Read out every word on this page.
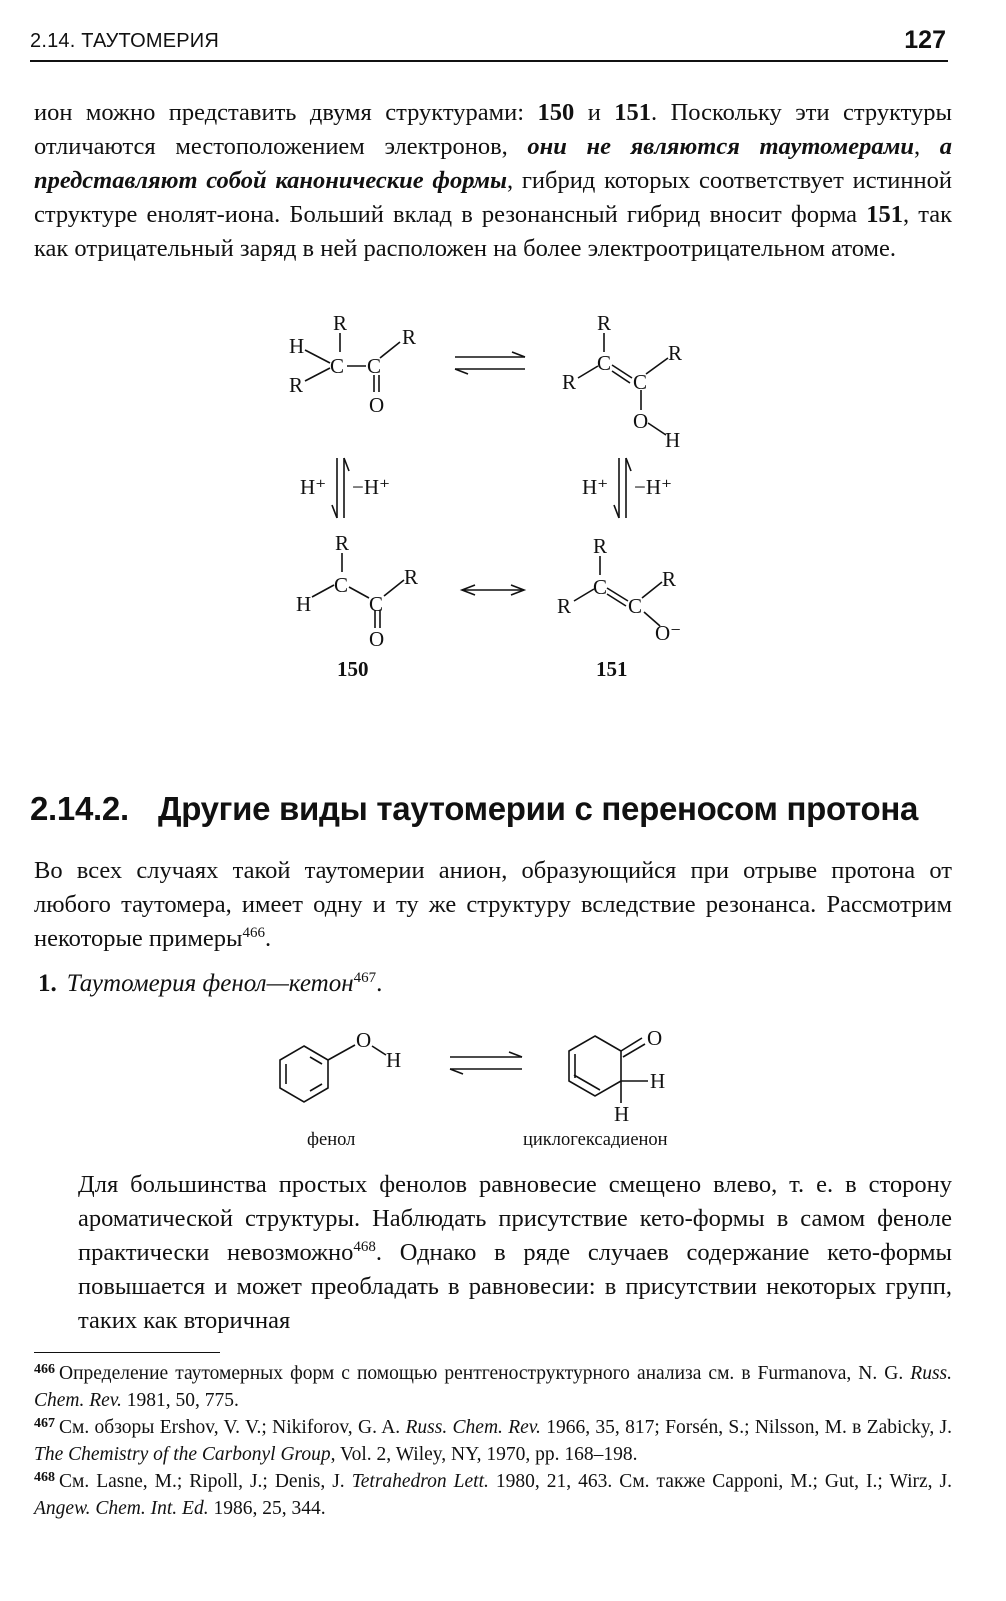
2.14. ТАУТОМЕРИЯ	127
ион можно представить двумя структурами: 150 и 151. Поскольку эти структуры отличаются местоположением электронов, они не являются таутомерами, а представляют собой канонические формы, гибрид которых соответствует истинной структуре енолят-иона. Больший вклад в резонансный гибрид вносит форма 151, так как отрицательный заряд в ней расположен на более электроотрицательном атоме.
R
H
C C
R
R
O
R
C
R	C
R
O
H
H⁺ −H⁺	H⁺ −H⁺
R
C
H	C
R
O
R
C
R	C
R
O⁻
150	151
2.14.2. Другие виды таутомерии с переносом протона
Во всех случаях такой таутомерии анион, образующийся при отрыве протона от любого таутомера, имеет одну и ту же структуру вследствие резонанса. Рассмотрим некоторые примеры$^{466}$.
1. Таутомерия фенол—кетон$^{467}$.
O
H
O
H
H
фенол	циклогексадиенон
Для большинства простых фенолов равновесие смещено влево, т. е. в сторону ароматической структуры. Наблюдать присутствие кето-формы в самом феноле практически невозможно$^{468}$. Однако в ряде случаев содержание кето-формы повышается и может преобладать в равновесии: в присутствии некоторых групп, таких как вторичная

$^{466}$ Определение таутомерных форм с помощью рентгеноструктурного анализа см. в Furmanova, N. G. Russ. Chem. Rev. 1981, 50, 775.

$^{467}$ См. обзоры Ershov, V. V.; Nikiforov, G. A. Russ. Chem. Rev. 1966, 35, 817; Forsén, S.; Nilsson, M. в Zabicky, J. The Chemistry of the Carbonyl Group, Vol. 2, Wiley, NY, 1970, pp. 168–198.

$^{468}$ См. Lasne, M.; Ripoll, J.; Denis, J. Tetrahedron Lett. 1980, 21, 463. См. также Capponi, M.; Gut, I.; Wirz, J. Angew. Chem. Int. Ed. 1986, 25, 344.
